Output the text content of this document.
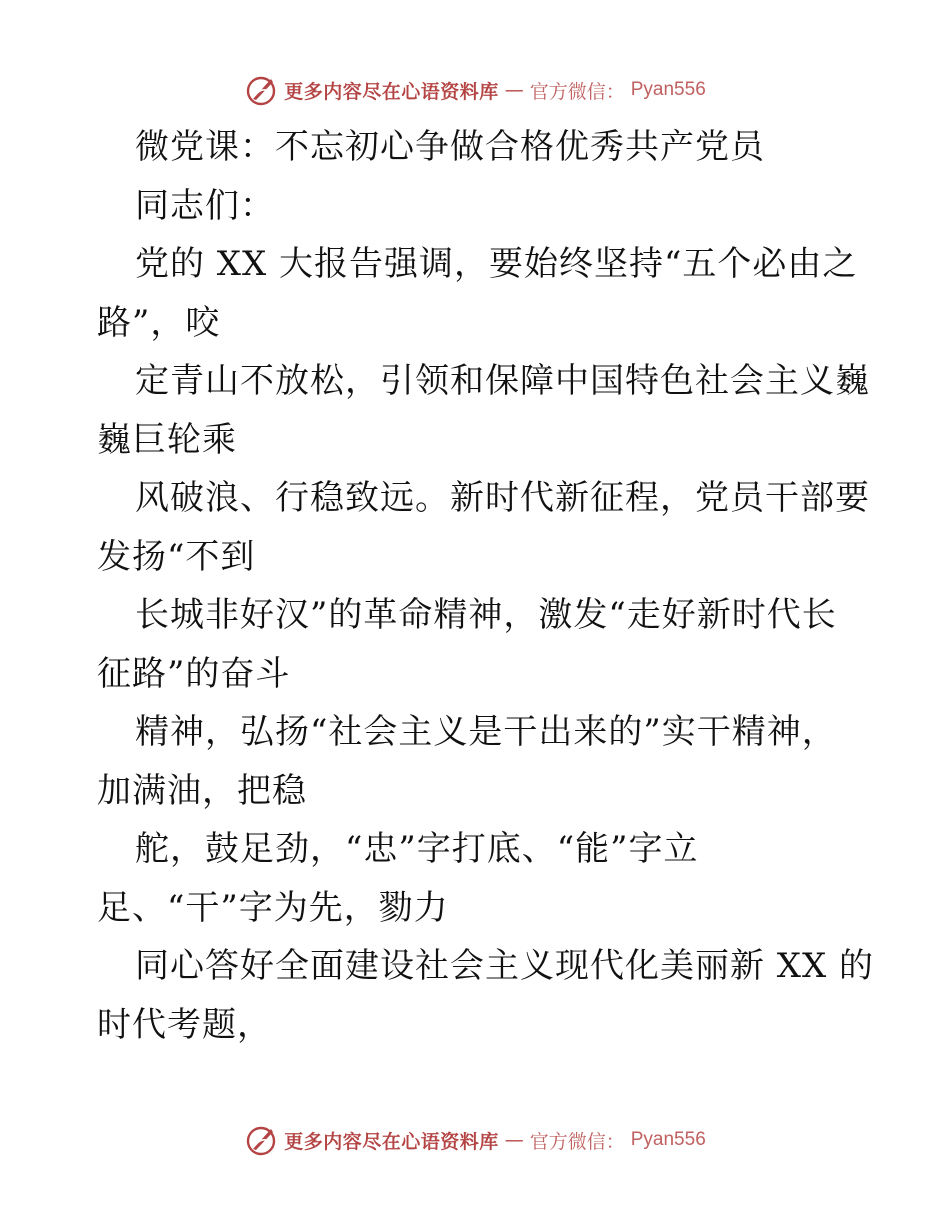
更多内容尽在心语资料库 — 官方微信： Pyan556
微党课：不忘初心争做合格优秀共产党员
同志们：
党的 XX 大报告强调，要始终坚持“五个必由之
路”，咬
定青山不放松，引领和保障中国特色社会主义巍
巍巨轮乘
风破浪、行稳致远。新时代新征程，党员干部要
发扬“不到
长城非好汉”的革命精神，激发“走好新时代长
征路”的奋斗
精神，弘扬“社会主义是干出来的”实干精神，
加满油，把稳
舵，鼓足劲，“忠”字打底、“能”字立
足、“干”字为先，勠力
同心答好全面建设社会主义现代化美丽新 XX 的
时代考题，
更多内容尽在心语资料库 — 官方微信： Pyan556
